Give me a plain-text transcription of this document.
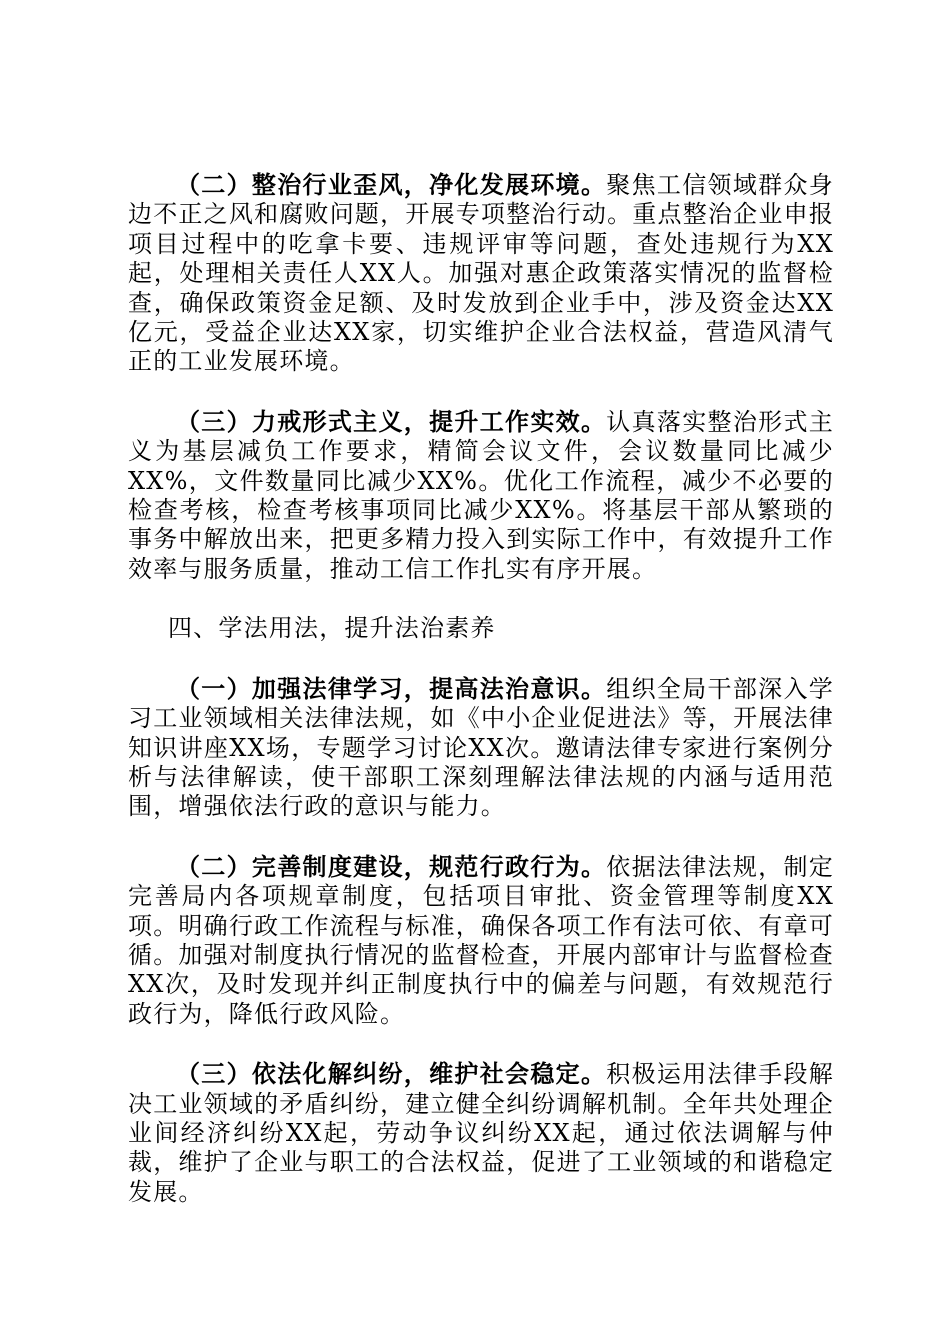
（二）整治行业歪风，净化发展环境。聚焦工信领域群众身边不正之风和腐败问题，开展专项整治行动。重点整治企业申报项目过程中的吃拿卡要、违规评审等问题，查处违规行为XX起，处理相关责任人XX人。加强对惠企政策落实情况的监督检查，确保政策资金足额、及时发放到企业手中，涉及资金达XX亿元，受益企业达XX家，切实维护企业合法权益，营造风清气正的工业发展环境。

（三）力戒形式主义，提升工作实效。认真落实整治形式主义为基层减负工作要求，精简会议文件，会议数量同比减少XX%，文件数量同比减少XX%。优化工作流程，减少不必要的检查考核，检查考核事项同比减少XX%。将基层干部从繁琐的事务中解放出来，把更多精力投入到实际工作中，有效提升工作效率与服务质量，推动工信工作扎实有序开展。

四、学法用法，提升法治素养

（一）加强法律学习，提高法治意识。组织全局干部深入学习工业领域相关法律法规，如《中小企业促进法》等，开展法律知识讲座XX场，专题学习讨论XX次。邀请法律专家进行案例分析与法律解读，使干部职工深刻理解法律法规的内涵与适用范围，增强依法行政的意识与能力。

（二）完善制度建设，规范行政行为。依据法律法规，制定完善局内各项规章制度，包括项目审批、资金管理等制度XX项。明确行政工作流程与标准，确保各项工作有法可依、有章可循。加强对制度执行情况的监督检查，开展内部审计与监督检查XX次，及时发现并纠正制度执行中的偏差与问题，有效规范行政行为，降低行政风险。

（三）依法化解纠纷，维护社会稳定。积极运用法律手段解决工业领域的矛盾纠纷，建立健全纠纷调解机制。全年共处理企业间经济纠纷XX起，劳动争议纠纷XX起，通过依法调解与仲裁，维护了企业与职工的合法权益，促进了工业领域的和谐稳定发展。
